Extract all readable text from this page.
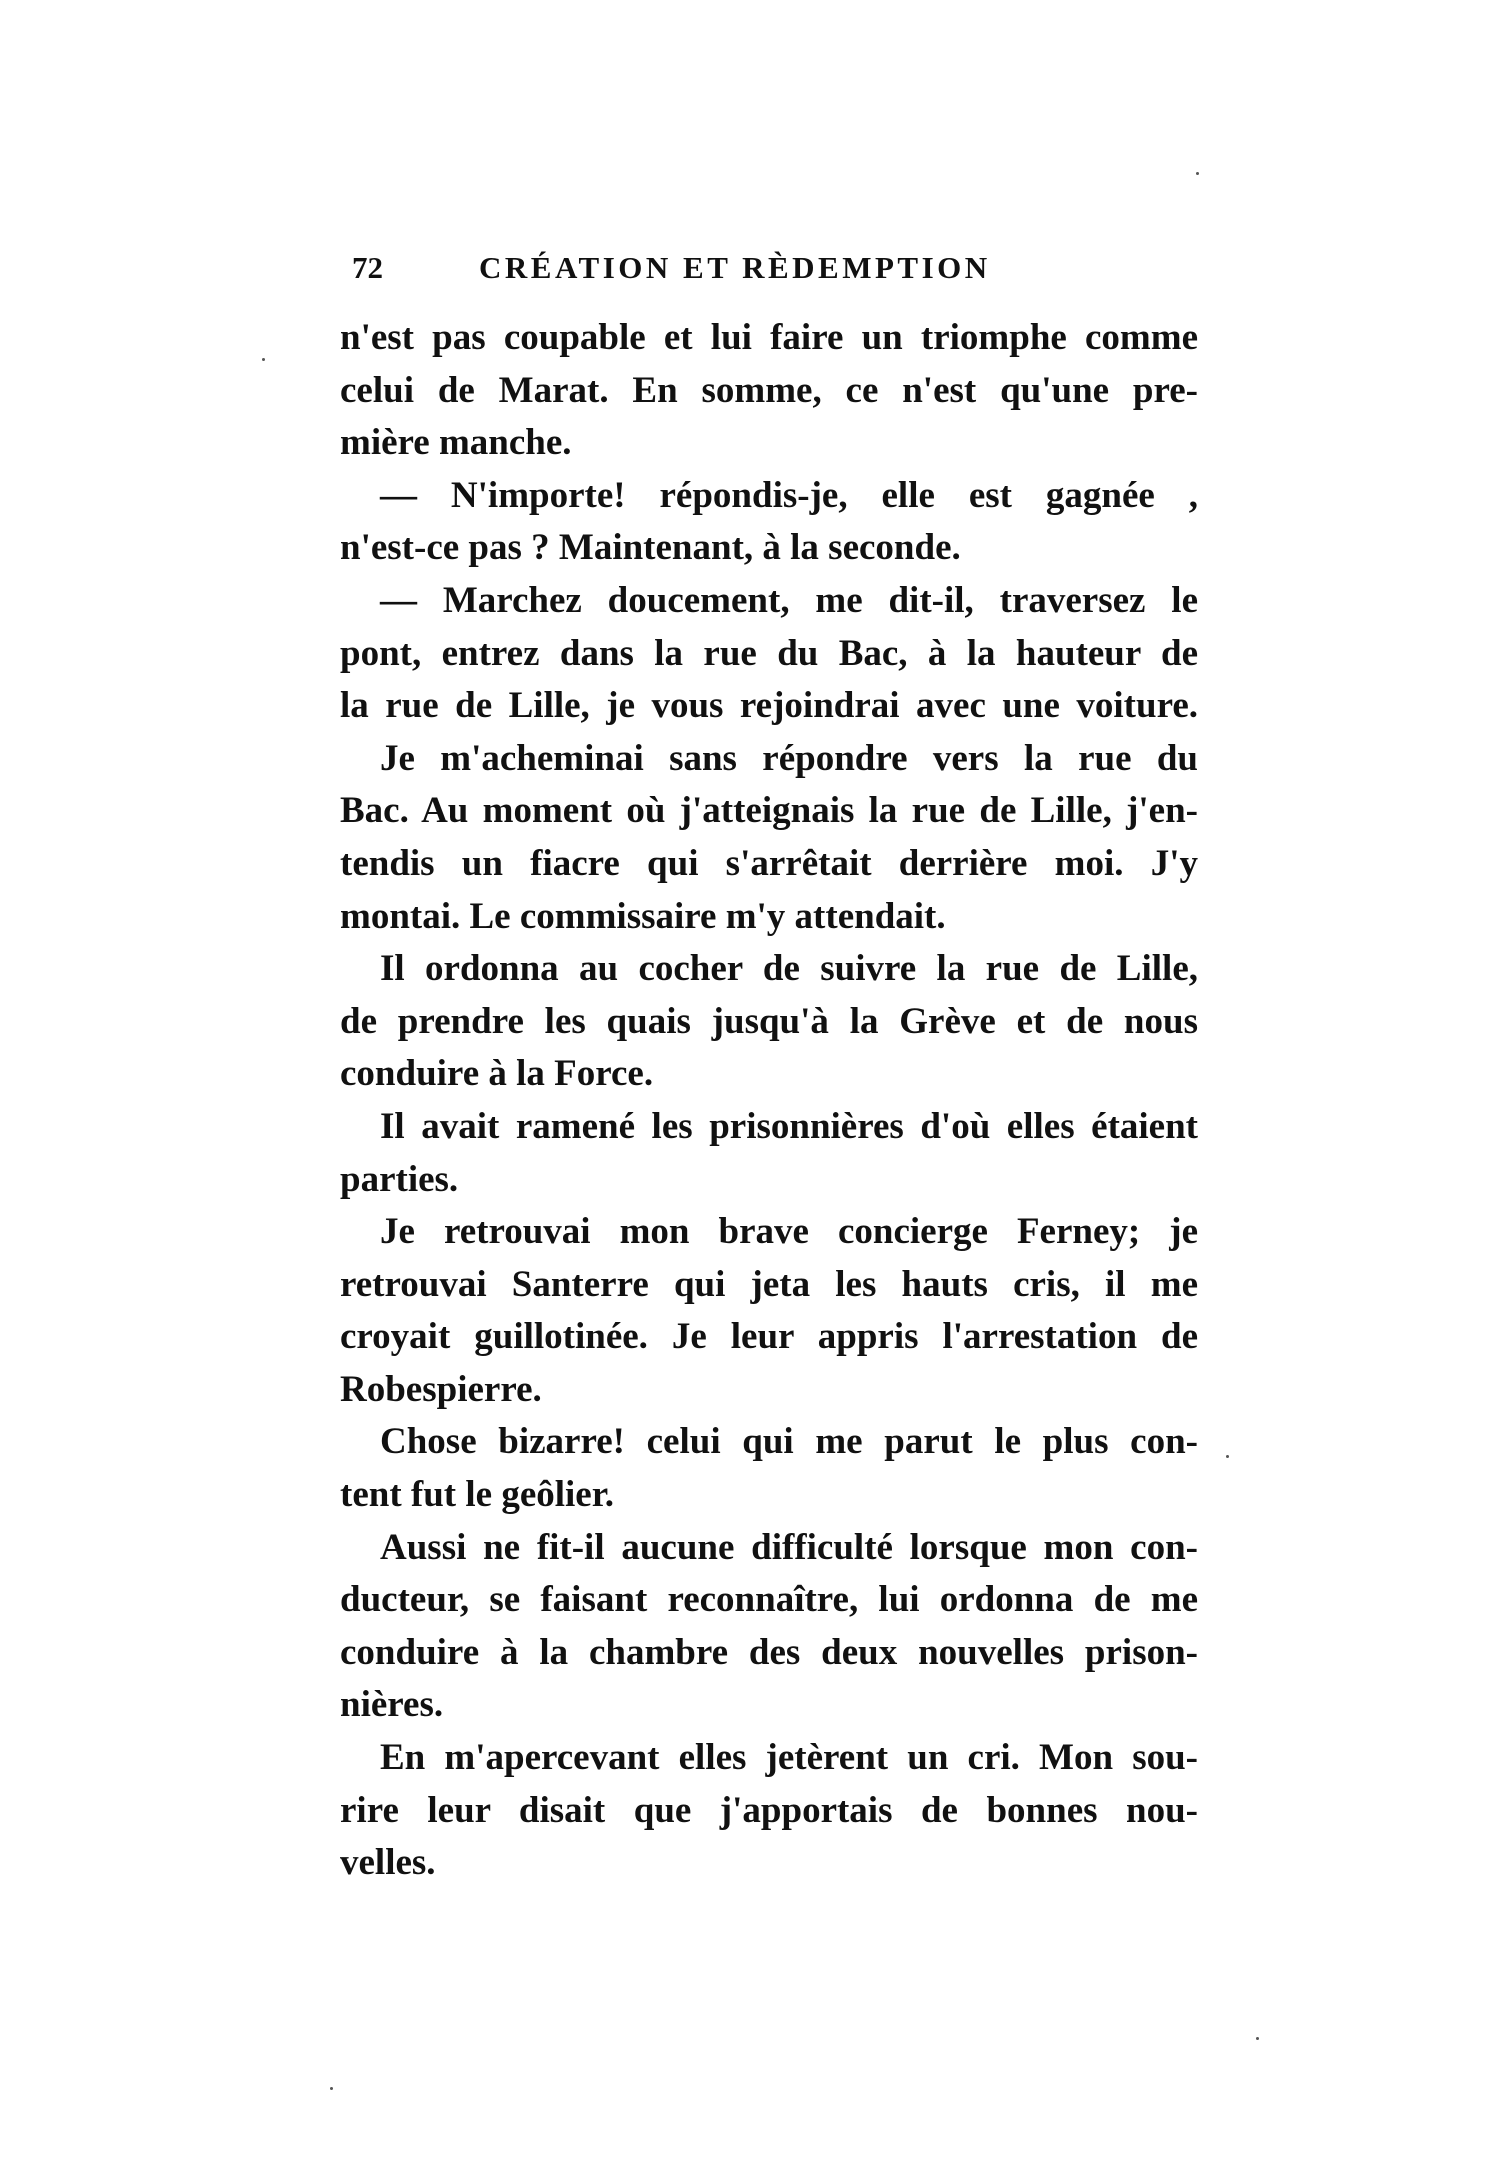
72	CRÉATION ET RÈDEMPTION
n'est pas coupable et lui faire un triomphe comme
celui de Marat. En somme, ce n'est qu'une pre-
mière manche.
— N'importe! répondis-je, elle est gagnée ,
n'est-ce pas ? Maintenant, à la seconde.
— Marchez doucement, me dit-il, traversez le
pont, entrez dans la rue du Bac, à la hauteur de
la rue de Lille, je vous rejoindrai avec une voiture.
Je m'acheminai sans répondre vers la rue du
Bac. Au moment où j'atteignais la rue de Lille, j'en-
tendis un fiacre qui s'arrêtait derrière moi. J'y
montai. Le commissaire m'y attendait.
Il ordonna au cocher de suivre la rue de Lille,
de prendre les quais jusqu'à la Grève et de nous
conduire à la Force.
Il avait ramené les prisonnières d'où elles étaient
parties.
Je retrouvai mon brave concierge Ferney; je
retrouvai Santerre qui jeta les hauts cris, il me
croyait guillotinée. Je leur appris l'arrestation de
Robespierre.
Chose bizarre! celui qui me parut le plus con-
tent fut le geôlier.
Aussi ne fit-il aucune difficulté lorsque mon con-
ducteur, se faisant reconnaître, lui ordonna de me
conduire à la chambre des deux nouvelles prison-
nières.
En m'apercevant elles jetèrent un cri. Mon sou-
rire leur disait que j'apportais de bonnes nou-
velles.
